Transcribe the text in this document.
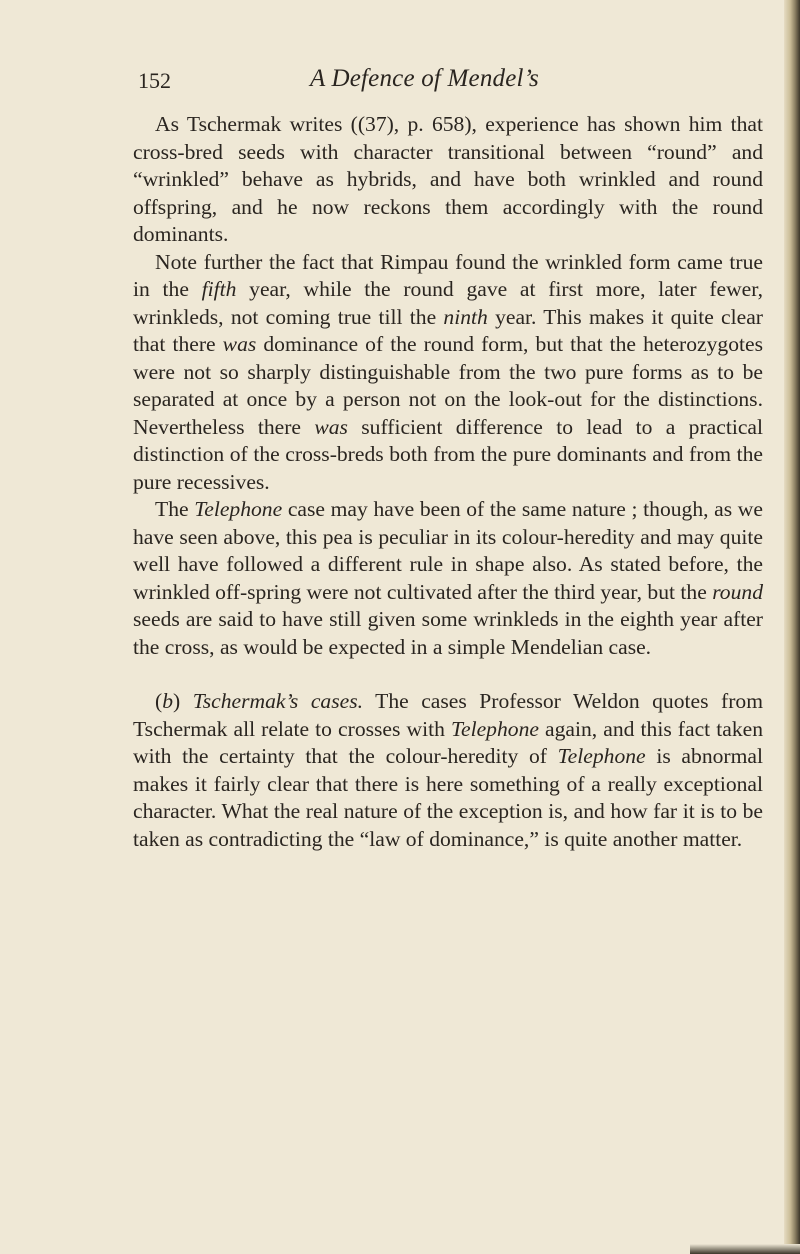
152	A Defence of Mendel’s

As Tschermak writes ((37), p. 658), experience has shown him that cross-bred seeds with character transitional between “round” and “wrinkled” behave as hybrids, and have both wrinkled and round offspring, and he now reckons them accordingly with the round dominants.

Note further the fact that Rimpau found the wrinkled form came true in the fifth year, while the round gave at first more, later fewer, wrinkleds, not coming true till the ninth year. This makes it quite clear that there was dominance of the round form, but that the heterozygotes were not so sharply distinguishable from the two pure forms as to be separated at once by a person not on the look-out for the distinctions. Nevertheless there was sufficient difference to lead to a practical distinction of the cross-breds both from the pure dominants and from the pure recessives.

The Telephone case may have been of the same nature ; though, as we have seen above, this pea is peculiar in its colour-heredity and may quite well have followed a different rule in shape also. As stated before, the wrinkled off-spring were not cultivated after the third year, but the round seeds are said to have still given some wrinkleds in the eighth year after the cross, as would be expected in a simple Mendelian case.

(b) Tschermak’s cases. The cases Professor Weldon quotes from Tschermak all relate to crosses with Telephone again, and this fact taken with the certainty that the colour-heredity of Telephone is abnormal makes it fairly clear that there is here something of a really exceptional character. What the real nature of the exception is, and how far it is to be taken as contradicting the “law of dominance,” is quite another matter.
